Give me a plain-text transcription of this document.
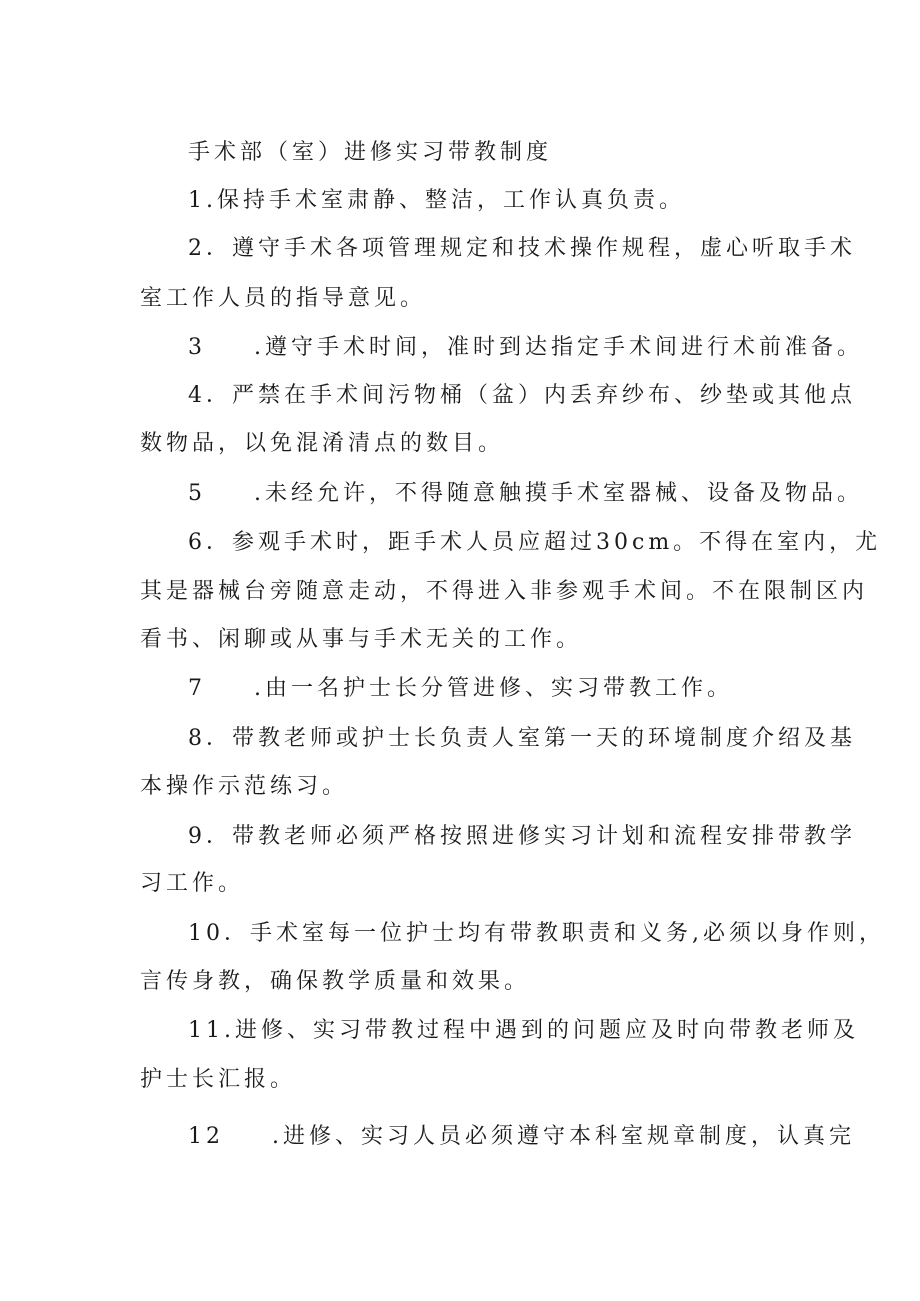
手术部（室）进修实习带教制度
1.保持手术室肃静、整洁，工作认真负责。
2．遵守手术各项管理规定和技术操作规程，虚心听取手术
室工作人员的指导意见。
3 .遵守手术时间，准时到达指定手术间进行术前准备。
4．严禁在手术间污物桶（盆）内丢弃纱布、纱垫或其他点
数物品，以免混淆清点的数目。
5 .未经允许，不得随意触摸手术室器械、设备及物品。
6．参观手术时，距手术人员应超过30cm。不得在室内，尤
其是器械台旁随意走动，不得进入非参观手术间。不在限制区内
看书、闲聊或从事与手术无关的工作。
7 .由一名护士长分管进修、实习带教工作。
8．带教老师或护士长负责人室第一天的环境制度介绍及基
本操作示范练习。
9．带教老师必须严格按照进修实习计划和流程安排带教学
习工作。
10．手术室每一位护士均有带教职责和义务,必须以身作则，
言传身教，确保教学质量和效果。
11.进修、实习带教过程中遇到的问题应及时向带教老师及
护士长汇报。
12 .进修、实习人员必须遵守本科室规章制度，认真完
